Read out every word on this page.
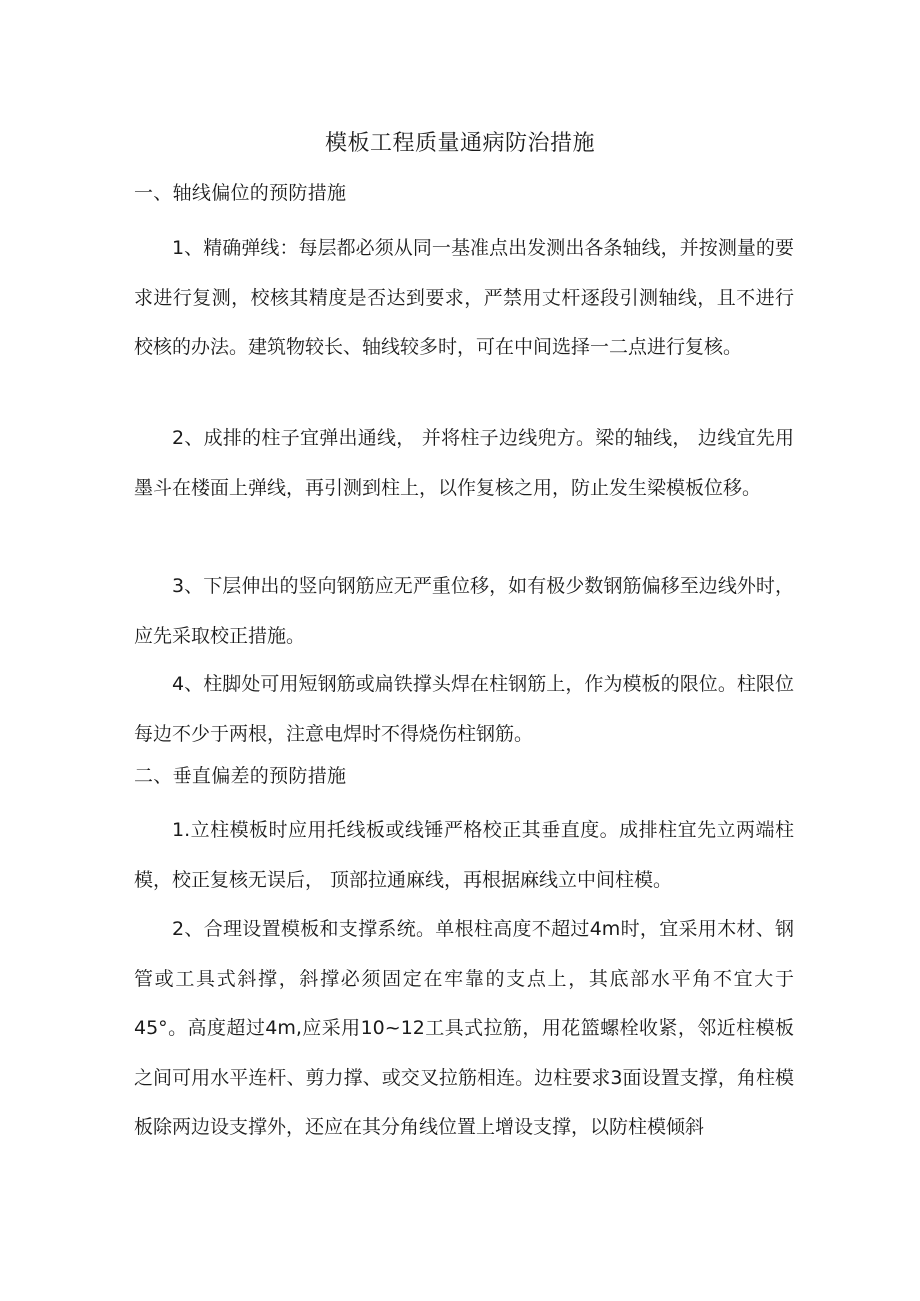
模板工程质量通病防治措施
一、轴线偏位的预防措施
1、精确弹线：每层都必须从同一基准点出发测出各条轴线，并按测量的要求进行复测，校核其精度是否达到要求，严禁用丈杆逐段引测轴线，且不进行校核的办法。建筑物较长、轴线较多时，可在中间选择一二点进行复核。
2、成排的柱子宜弹出通线， 并将柱子边线兜方。梁的轴线， 边线宜先用墨斗在楼面上弹线，再引测到柱上，以作复核之用，防止发生梁模板位移。
3、下层伸出的竖向钢筋应无严重位移，如有极少数钢筋偏移至边线外时，应先采取校正措施。
4、柱脚处可用短钢筋或扁铁撑头焊在柱钢筋上，作为模板的限位。柱限位每边不少于两根，注意电焊时不得烧伤柱钢筋。
二、垂直偏差的预防措施
1.立柱模板时应用托线板或线锤严格校正其垂直度。成排柱宜先立两端柱模，校正复核无误后， 顶部拉通麻线，再根据麻线立中间柱模。
2、合理设置模板和支撑系统。单根柱高度不超过4m时，宜采用木材、钢管或工具式斜撑，斜撑必须固定在牢靠的支点上，其底部水平角不宜大于45°。高度超过4m,应采用10~12工具式拉筋，用花篮螺栓收紧，邻近柱模板之间可用水平连杆、剪力撑、或交叉拉筋相连。边柱要求3面设置支撑，角柱模板除两边设支撑外，还应在其分角线位置上增设支撑，以防柱模倾斜
